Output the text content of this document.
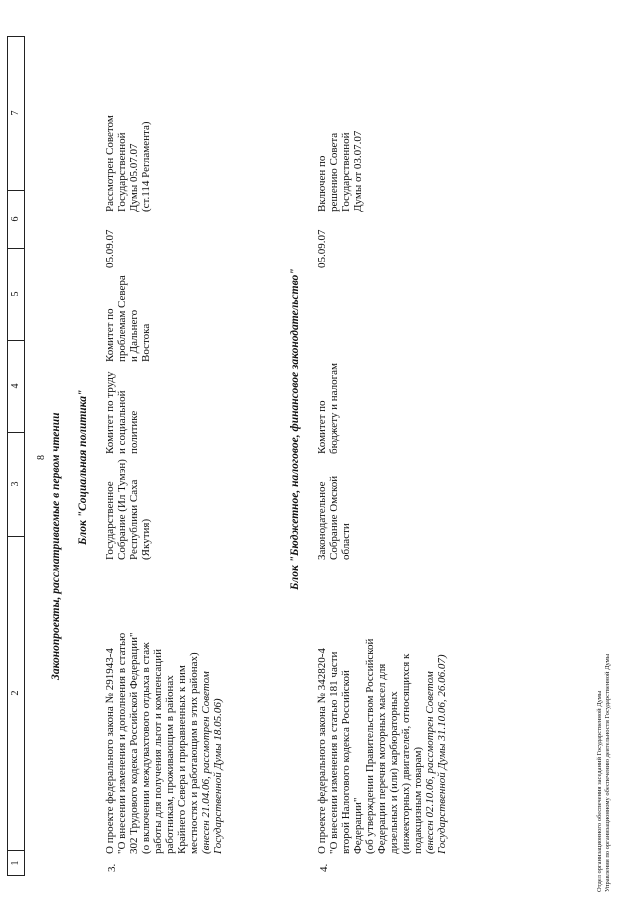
1
2
3
4
5
6
7
8 Законопроекты, рассматриваемые в первом чтении Блок "Социальная политика"
3.

О проекте федерального закона № 291943-4 "О внесении изменения и дополнения в статью 302 Трудового кодекса Российской Федерации" (о включении междувахтового отдыха в стаж работы для получения льгот и компенсаций работникам, проживающим в районах Крайнего Севера и приравненных к ним местностях и работающим в этих районах) (внесен 21.04.06, рассмотрен Советом Государственной Думы 18.05.06)

Государственное Собрание (Ил Тумэн) Республики Саха (Якутия)

Комитет по труду и социальной политике

Комитет по проблемам Севера и Дальнего Востока

05.09.07

Рассмотрен Советом Государственной Думы 05.07.07 (ст.114 Регламента)

Блок "Бюджетное, налоговое, финансовое законодательство"
4.

О проекте федерального закона № 342820-4 "О внесении изменения в статью 181 части второй Налогового кодекса Российской Федерации" (об утверждении Правительством Российской Федерации перечня моторных масел для дизельных и (или) карбюраторных (инжекторных) двигателей, относящихся к подакцизным товарам) (внесен 02.10.06, рассмотрен Советом Государственной Думы 31.10.06, 26.06.07)

Законодательное Собрание Омской области

Комитет по бюджету и налогам

05.09.07

Включен по решению Совета Государственной Думы от 03.07.07

Отдел организационного обеспечения заседаний Государственной Думы Управления по организационному обеспечению деятельности Государственной Думы
